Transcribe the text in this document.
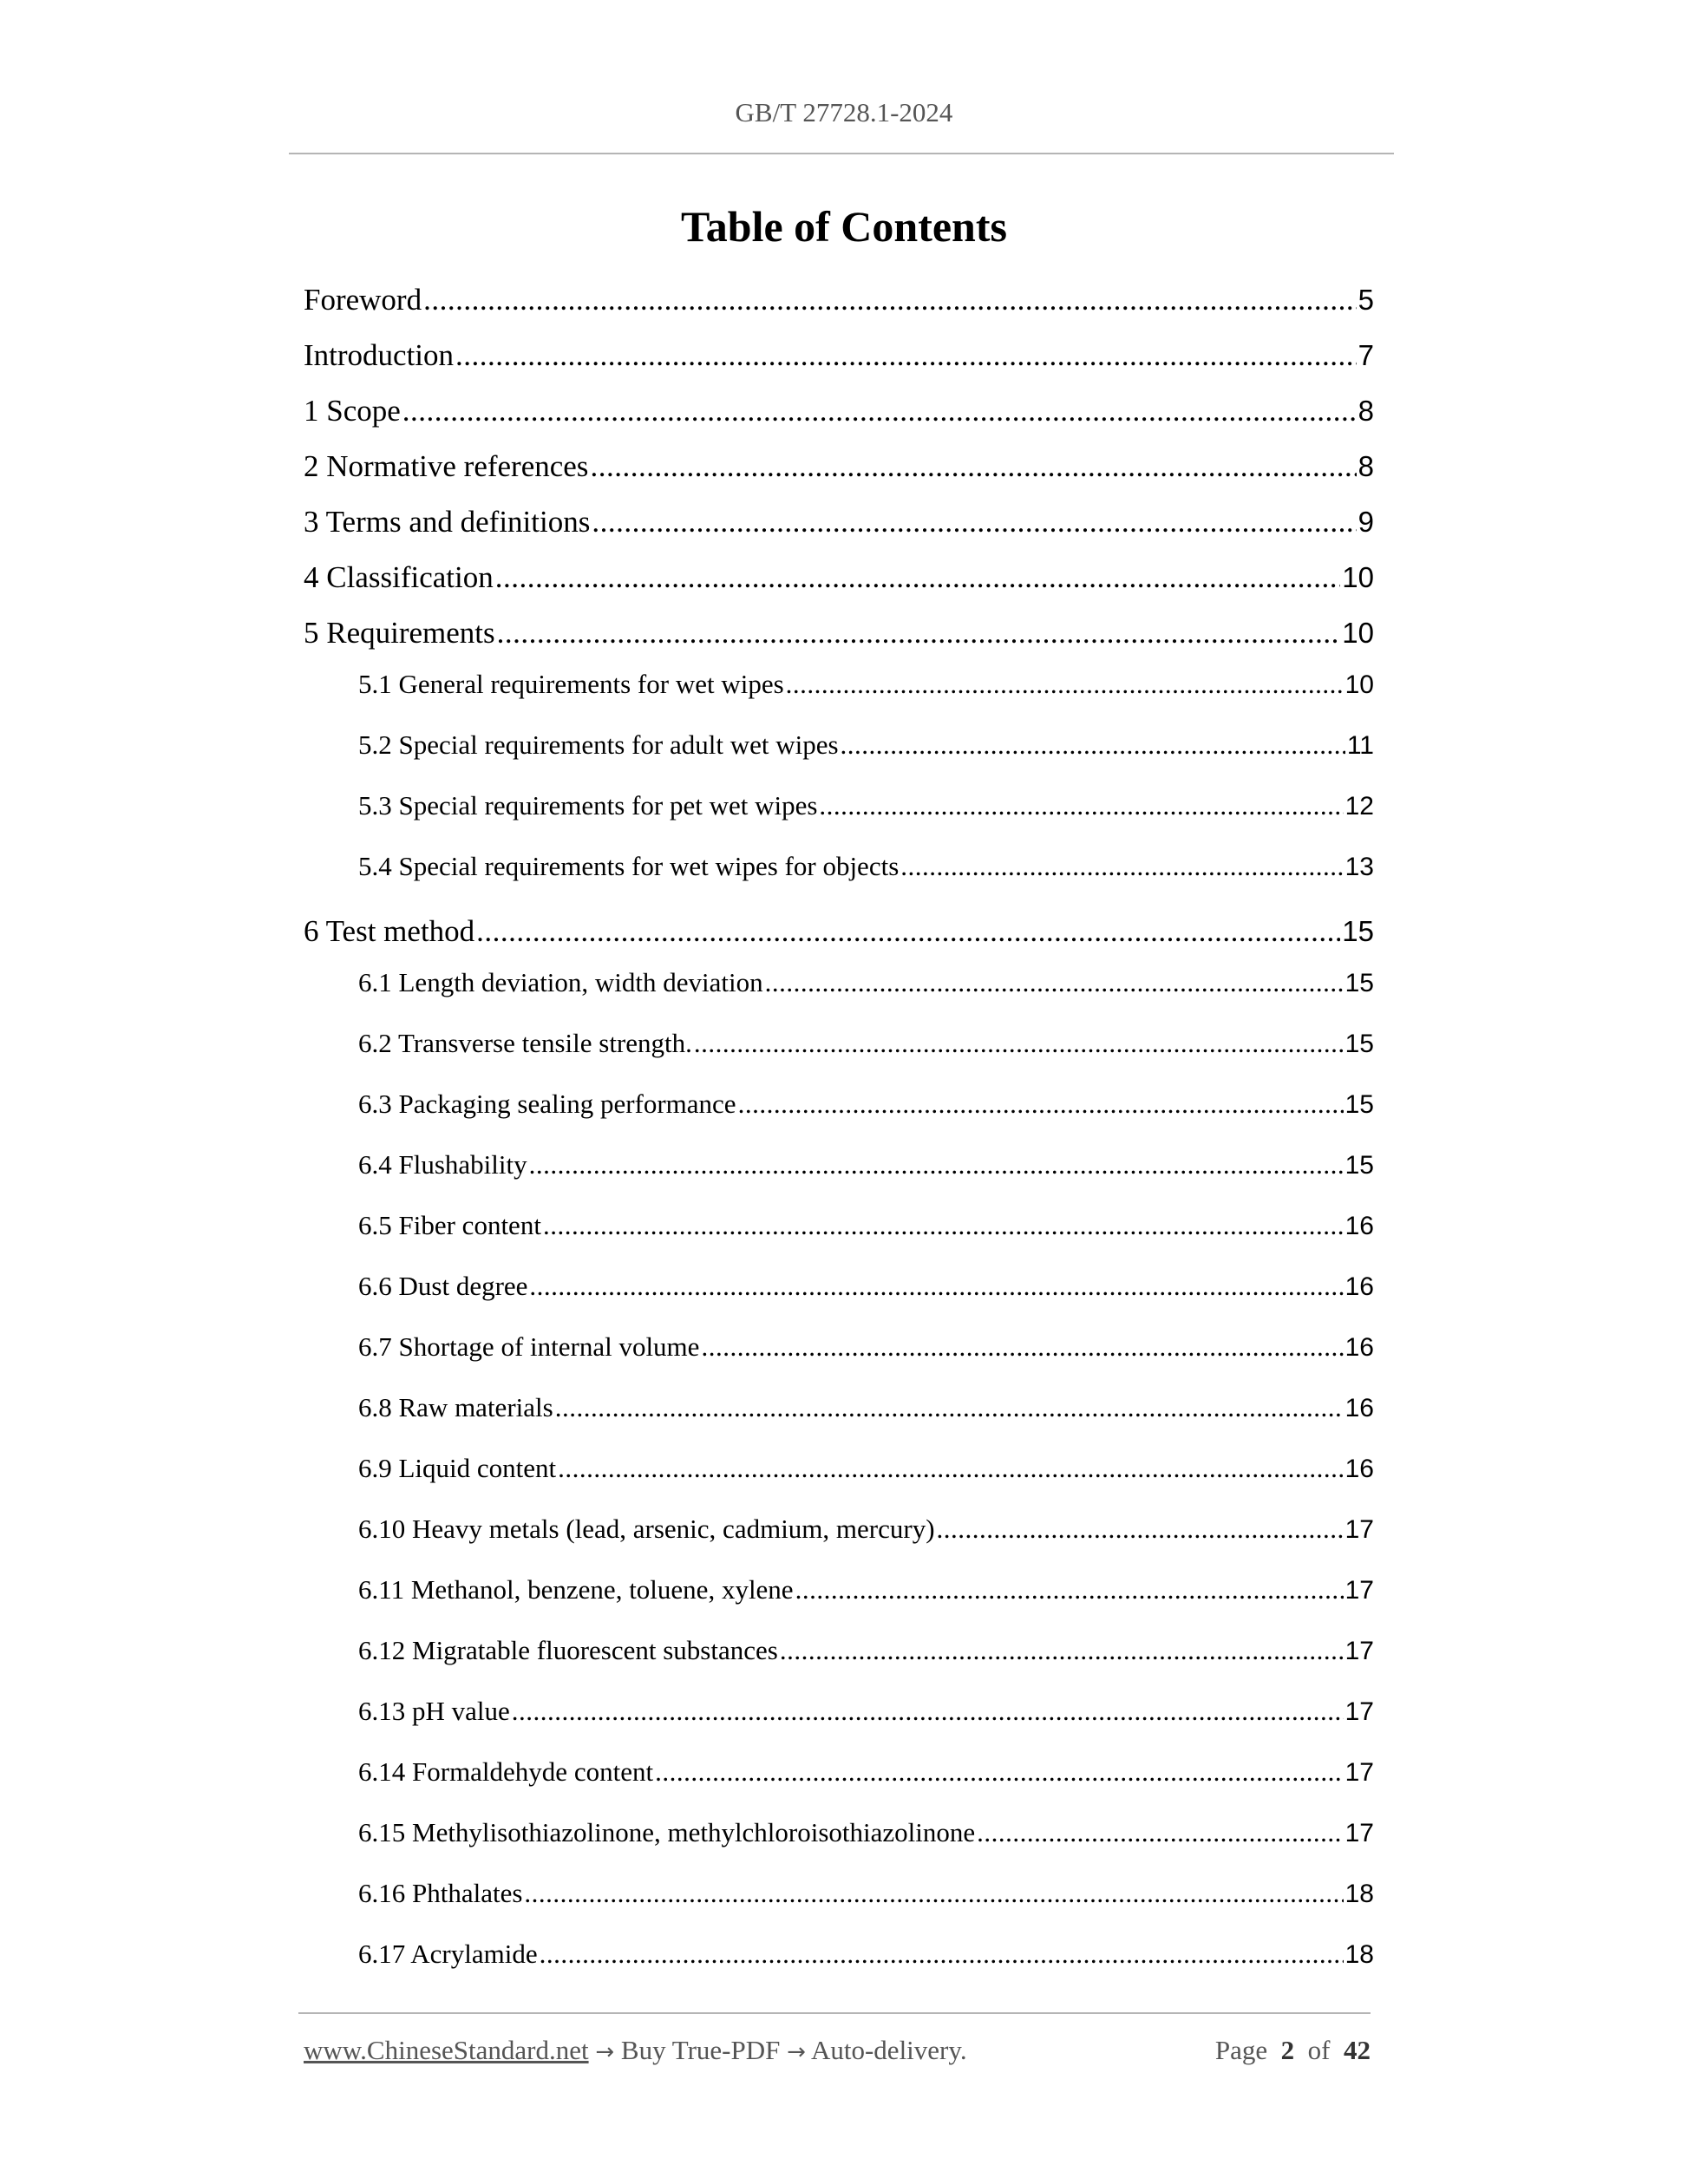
GB/T 27728.1-2024
Table of Contents
Foreword .....	5
Introduction .....	7
1 Scope .....	8
2 Normative references .....	8
3 Terms and definitions .....	9
4 Classification .....	10
5 Requirements .....	10
5.1 General requirements for wet wipes .....	10
5.2 Special requirements for adult wet wipes .....	11
5.3 Special requirements for pet wet wipes .....	12
5.4 Special requirements for wet wipes for objects .....	13
6 Test method .....	15
6.1 Length deviation, width deviation .....	15
6.2 Transverse tensile strength. .....	15
6.3 Packaging sealing performance .....	15
6.4 Flushability .....	15
6.5 Fiber content .....	16
6.6 Dust degree .....	16
6.7 Shortage of internal volume .....	16
6.8 Raw materials .....	16
6.9 Liquid content .....	16
6.10 Heavy metals (lead, arsenic, cadmium, mercury) .....	17
6.11 Methanol, benzene, toluene, xylene .....	17
6.12 Migratable fluorescent substances .....	17
6.13 pH value .....	17
6.14 Formaldehyde content .....	17
6.15 Methylisothiazolinone, methylchloroisothiazolinone .....	17
6.16 Phthalates .....	18
6.17 Acrylamide .....	18
www.ChineseStandard.net → Buy True-PDF → Auto-delivery.	Page 2 of 42
